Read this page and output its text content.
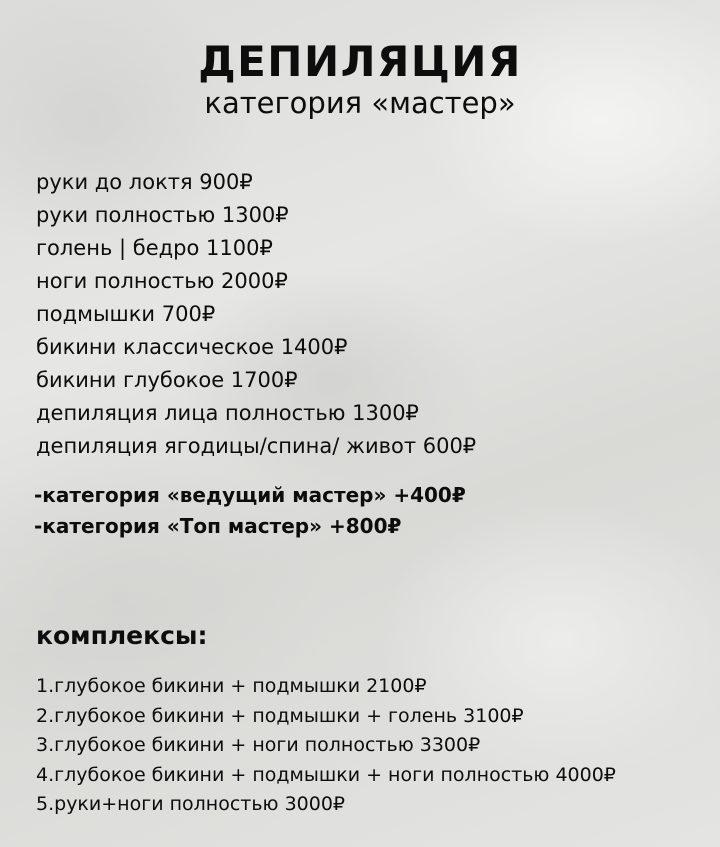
ДЕПИЛЯЦИЯ
категория «мастер»
руки до локтя 900₽
руки полностью 1300₽
голень | бедро 1100₽
ноги полностью 2000₽
подмышки 700₽
бикини классическое 1400₽
бикини глубокое 1700₽
депиляция лица полностью 1300₽
депиляция ягодицы/спина/ живот 600₽
-категория «ведущий мастер» +400₽
-категория «Топ мастер» +800₽
комплексы:
1.глубокое бикини + подмышки 2100₽
2.глубокое бикини + подмышки + голень 3100₽
3.глубокое бикини + ноги полностью 3300₽
4.глубокое бикини + подмышки + ноги полностью 4000₽
5.руки+ноги полностью 3000₽
